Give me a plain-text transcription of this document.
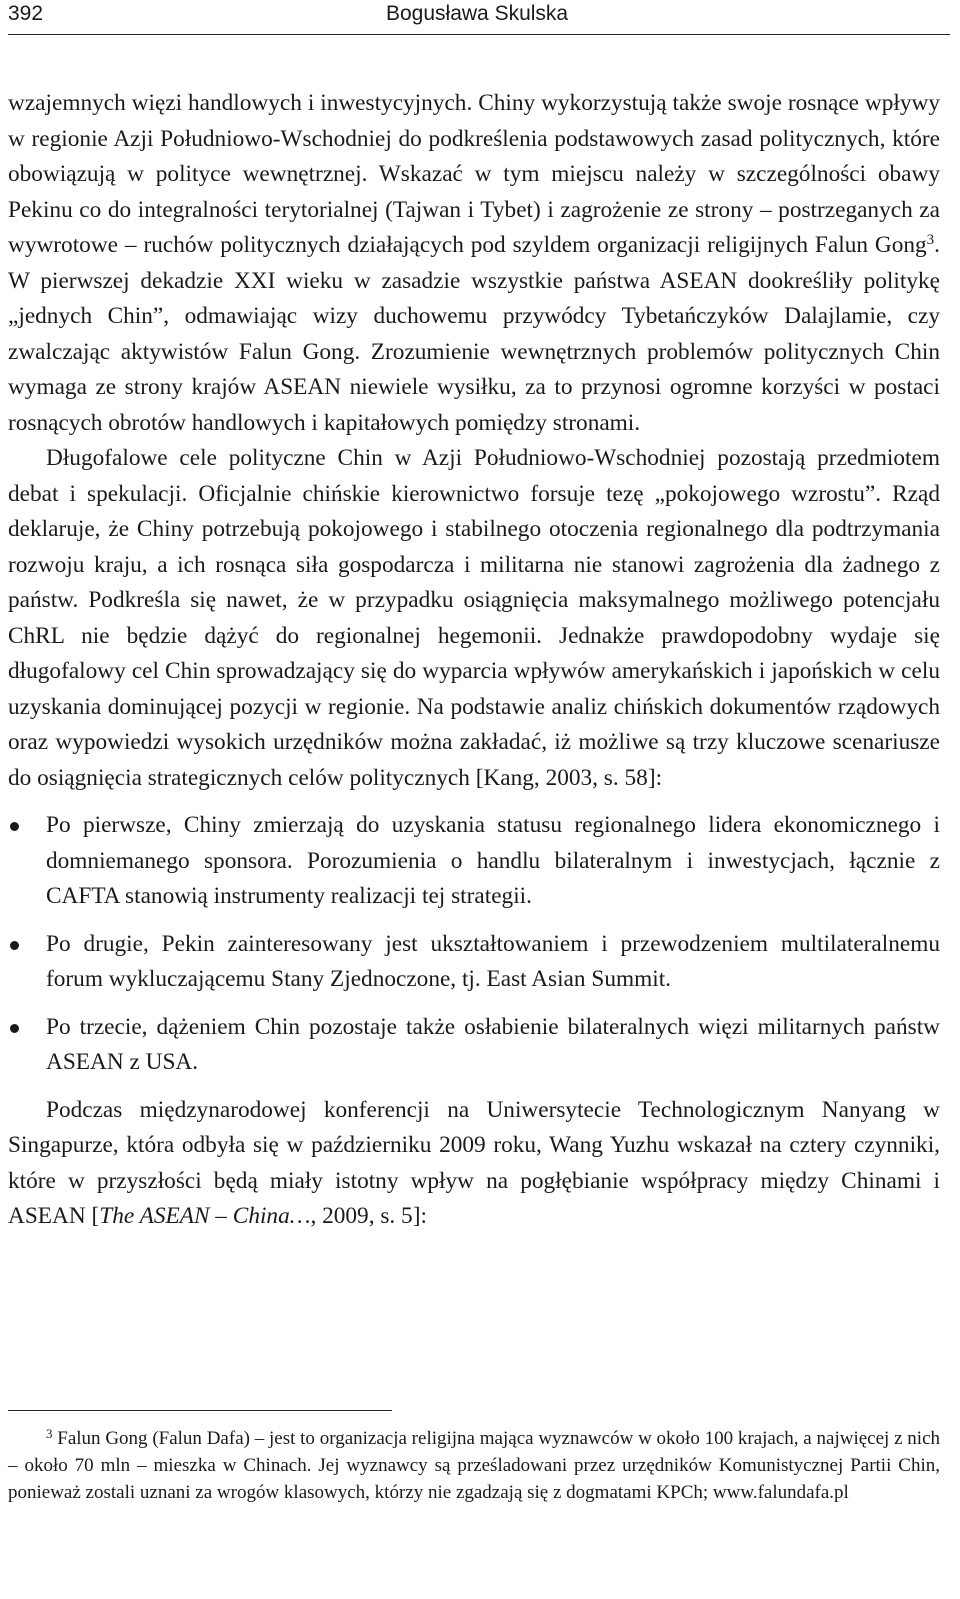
392	Bogusława Skulska

wzajemnych więzi handlowych i inwestycyjnych. Chiny wykorzystują także swoje rosnące wpływy w regionie Azji Południowo-Wschodniej do podkreślenia podstawowych zasad politycznych, które obowiązują w polityce wewnętrznej. Wskazać w tym miejscu należy w szczególności obawy Pekinu co do integralności terytorialnej (Tajwan i Tybet) i zagrożenie ze strony – postrzeganych za wywrotowe – ruchów politycznych działających pod szyldem organizacji religijnych Falun Gong$^3$. W pierwszej dekadzie XXI wieku w zasadzie wszystkie państwa ASEAN dookreśliły politykę „jednych Chin”, odmawiając wizy duchowemu przywódcy Tybetańczyków Dalajlamie, czy zwalczając aktywistów Falun Gong. Zrozumienie wewnętrznych problemów politycznych Chin wymaga ze strony krajów ASEAN niewiele wysiłku, za to przynosi ogromne korzyści w postaci rosnących obrotów handlowych i kapitałowych pomiędzy stronami.

Długofalowe cele polityczne Chin w Azji Południowo-Wschodniej pozostają przedmiotem debat i spekulacji. Oficjalnie chińskie kierownictwo forsuje tezę „pokojowego wzrostu”. Rząd deklaruje, że Chiny potrzebują pokojowego i stabilnego otoczenia regionalnego dla podtrzymania rozwoju kraju, a ich rosnąca siła gospodarcza i militarna nie stanowi zagrożenia dla żadnego z państw. Podkreśla się nawet, że w przypadku osiągnięcia maksymalnego możliwego potencjału ChRL nie będzie dążyć do regionalnej hegemonii. Jednakże prawdopodobny wydaje się długofalowy cel Chin sprowadzający się do wyparcia wpływów amerykańskich i japońskich w celu uzyskania dominującej pozycji w regionie. Na podstawie analiz chińskich dokumentów rządowych oraz wypowiedzi wysokich urzędników można zakładać, iż możliwe są trzy kluczowe scenariusze do osiągnięcia strategicznych celów politycznych [Kang, 2003, s. 58]:

Po pierwsze, Chiny zmierzają do uzyskania statusu regionalnego lidera ekonomicznego i domniemanego sponsora. Porozumienia o handlu bilateralnym i inwestycjach, łącznie z CAFTA stanowią instrumenty realizacji tej strategii.
Po drugie, Pekin zainteresowany jest ukształtowaniem i przewodzeniem multilateralnemu forum wykluczającemu Stany Zjednoczone, tj. East Asian Summit.
Po trzecie, dążeniem Chin pozostaje także osłabienie bilateralnych więzi militarnych państw ASEAN z USA.

Podczas międzynarodowej konferencji na Uniwersytecie Technologicznym Nanyang w Singapurze, która odbyła się w październiku 2009 roku, Wang Yuzhu wskazał na cztery czynniki, które w przyszłości będą miały istotny wpływ na pogłębianie współpracy między Chinami i ASEAN [The ASEAN – China…, 2009, s. 5]:

$^3$ Falun Gong (Falun Dafa) – jest to organizacja religijna mająca wyznawców w około 100 krajach, a najwięcej z nich – około 70 mln – mieszka w Chinach. Jej wyznawcy są prześladowani przez urzędników Komunistycznej Partii Chin, ponieważ zostali uznani za wrogów klasowych, którzy nie zgadzają się z dogmatami KPCh; www.falundafa.pl
